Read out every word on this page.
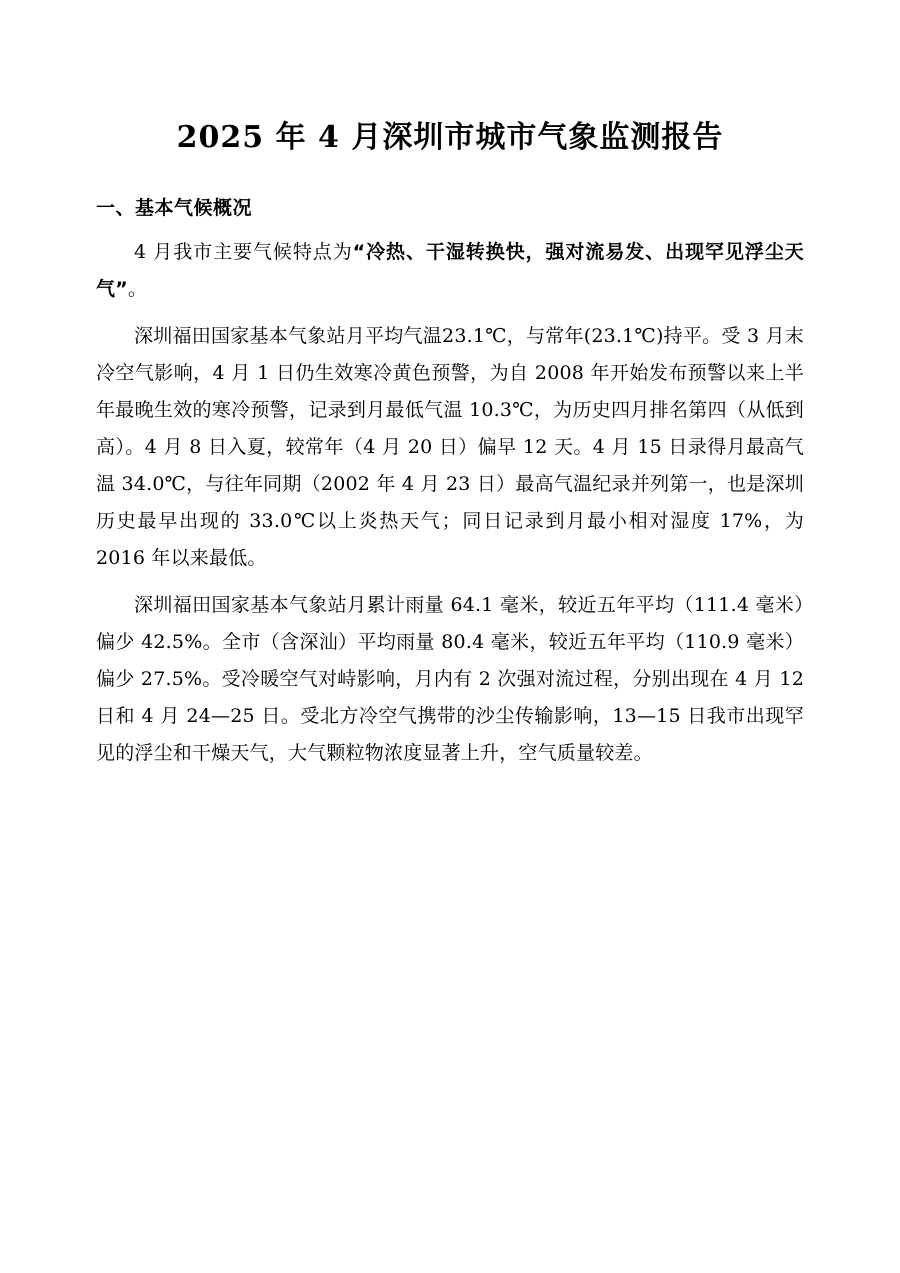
2025 年 4 月深圳市城市气象监测报告
一、基本气候概况

4 月我市主要气候特点为“冷热、干湿转换快，强对流易发、出现罕见浮尘天气”。

深圳福田国家基本气象站月平均气温23.1℃，与常年(23.1℃)持平。受 3 月末冷空气影响，4 月 1 日仍生效寒冷黄色预警，为自 2008 年开始发布预警以来上半年最晚生效的寒冷预警，记录到月最低气温 10.3℃，为历史四月排名第四（从低到高）。4 月 8 日入夏，较常年（4 月 20 日）偏早 12 天。4 月 15 日录得月最高气温 34.0℃，与往年同期（2002 年 4 月 23 日）最高气温纪录并列第一，也是深圳历史最早出现的 33.0℃以上炎热天气；同日记录到月最小相对湿度 17%，为 2016 年以来最低。

深圳福田国家基本气象站月累计雨量 64.1 毫米，较近五年平均（111.4 毫米）偏少 42.5%。全市（含深汕）平均雨量 80.4 毫米，较近五年平均（110.9 毫米）偏少 27.5%。受冷暖空气对峙影响，月内有 2 次强对流过程，分别出现在 4 月 12 日和 4 月 24—25 日。受北方冷空气携带的沙尘传输影响，13—15 日我市出现罕见的浮尘和干燥天气，大气颗粒物浓度显著上升，空气质量较差。
